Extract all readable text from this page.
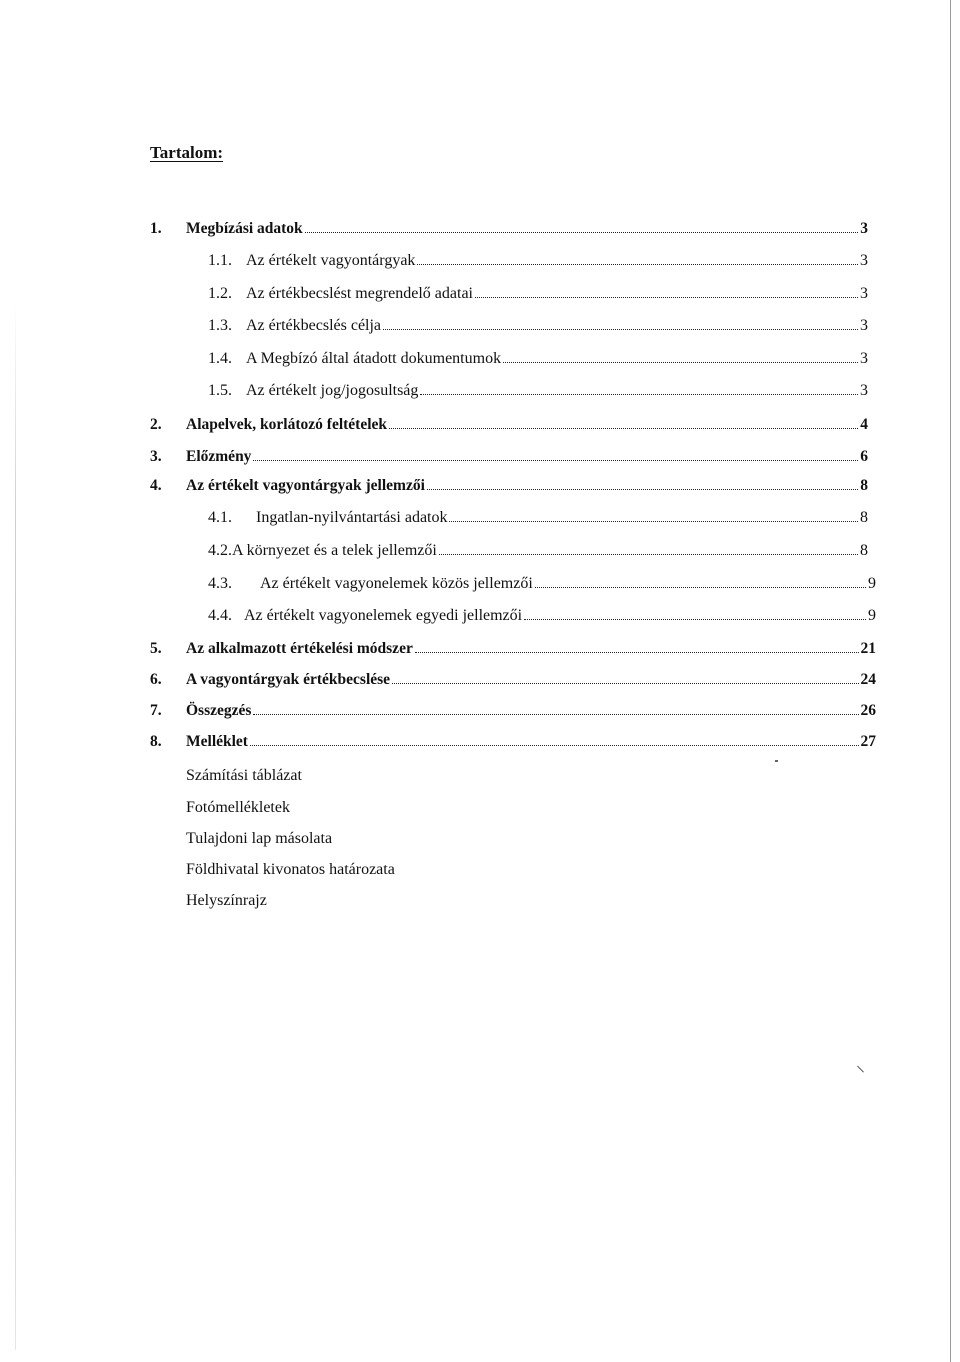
Tartalom:
1.	Megbízási adatok	3
1.1. Az értékelt vagyontárgyak	3
1.2. Az értékbecslést megrendelő adatai	3
1.3. Az értékbecslés célja	3
1.4. A Megbízó által átadott dokumentumok	3
1.5. Az értékelt jog/jogosultság	3
2.	Alapelvek, korlátozó feltételek	4
3.	Előzmény	6
4.	Az értékelt vagyontárgyak jellemzői	8
4.1.	Ingatlan-nyilvántartási adatok	8
4.2. A környezet és a telek jellemzői	8
4.3.	Az értékelt vagyonelemek közös jellemzői	9
4.4. Az értékelt vagyonelemek egyedi jellemzői	9
5.	Az alkalmazott értékelési módszer	21
6.	A vagyontárgyak értékbecslése	24
7.	Összegzés	26
8.	Melléklet	27
Számítási táblázat
Fotómellékletek
Tulajdoni lap másolata
Földhivatal kivonatos határozata
Helyszínrajz
⸜
